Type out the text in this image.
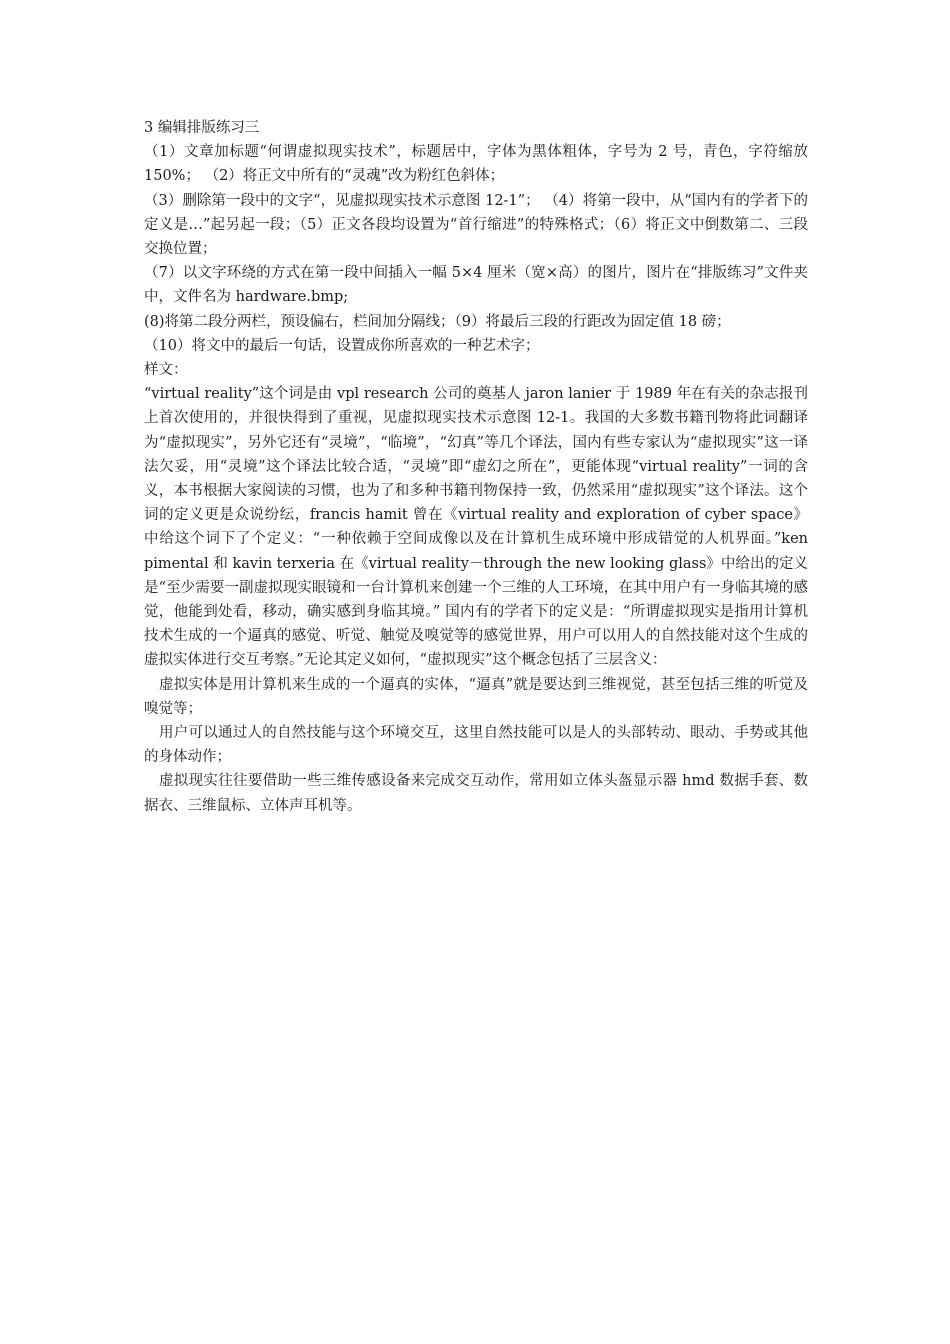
3 编辑排版练习三

（1）文章加标题“何谓虚拟现实技术”，标题居中，字体为黑体粗体，字号为 2 号，青色，字符缩放 150%； （2）将正文中所有的“灵魂”改为粉红色斜体；

（3）删除第一段中的文字“，见虚拟现实技术示意图 12-1”； （4）将第一段中，从“国内有的学者下的定义是…”起另起一段；（5）正文各段均设置为“首行缩进”的特殊格式；（6）将正文中倒数第二、三段交换位置；

（7）以文字环绕的方式在第一段中间插入一幅 5×4 厘米（宽×高）的图片，图片在“排版练习”文件夹中，文件名为 hardware.bmp;

(8)将第二段分两栏，预设偏右，栏间加分隔线；（9）将最后三段的行距改为固定值 18 磅；

（10）将文中的最后一句话，设置成你所喜欢的一种艺术字；

样文：

“virtual reality”这个词是由 vpl research 公司的奠基人 jaron lanier 于 1989 年在有关的杂志报刊上首次使用的，并很快得到了重视，见虚拟现实技术示意图 12-1。我国的大多数书籍刊物将此词翻译为“虚拟现实”，另外它还有“灵境”，“临境”，“幻真”等几个译法，国内有些专家认为“虚拟现实”这一译法欠妥，用“灵境”这个译法比较合适，“灵境”即“虚幻之所在”，更能体现“virtual reality”一词的含义，本书根据大家阅读的习惯，也为了和多种书籍刊物保持一致，仍然采用“虚拟现实”这个译法。这个词的定义更是众说纷纭，francis hamit 曾在《virtual reality and exploration of cyber space》中给这个词下了个定义：“一种依赖于空间成像以及在计算机生成环境中形成错觉的人机界面。”ken pimental 和 kavin terxeria 在《virtual reality－through the new looking glass》中给出的定义是“至少需要一副虚拟现实眼镜和一台计算机来创建一个三维的人工环境，在其中用户有一身临其境的感觉，他能到处看，移动，确实感到身临其境。” 国内有的学者下的定义是：“所谓虚拟现实是指用计算机技术生成的一个逼真的感觉、听觉、触觉及嗅觉等的感觉世界，用户可以用人的自然技能对这个生成的虚拟实体进行交互考察。”无论其定义如何，“虚拟现实”这个概念包括了三层含义：

虚拟实体是用计算机来生成的一个逼真的实体，“逼真”就是要达到三维视觉，甚至包括三维的听觉及嗅觉等；

用户可以通过人的自然技能与这个环境交互，这里自然技能可以是人的头部转动、眼动、手势或其他的身体动作；

虚拟现实往往要借助一些三维传感设备来完成交互动作，常用如立体头盔显示器 hmd 数据手套、数据衣、三维鼠标、立体声耳机等。
